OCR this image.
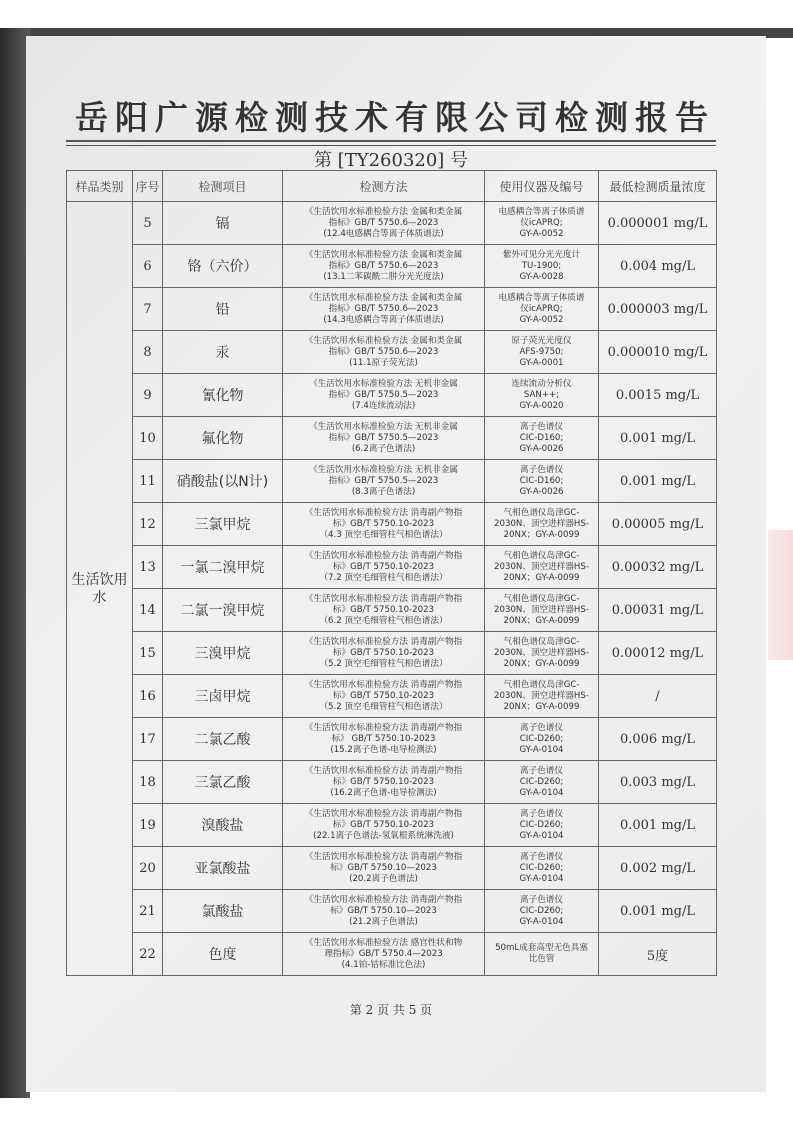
岳阳广源检测技术有限公司检测报告
第 [TY260320] 号
样品类别	序号	检测项目	检测方法	使用仪器及编号	最低检测质量浓度

生活饮用
水	5	镉	《生活饮用水标准检验方法 金属和类金属
指标》GB/T 5750.6—2023
(12.4电感耦合等离子体质谱法)	电感耦合等离子体质谱
仪icAPRQ;
GY-A-0052	0.000001 mg/L
	6	铬（六价）	《生活饮用水标准检验方法 金属和类金属
指标》GB/T 5750.6—2023
(13.1二苯碳酰二肼分光光度法)	紫外可见分光光度计
TU-1900;
GY-A-0028	0.004 mg/L
	7	铅	《生活饮用水标准检验方法 金属和类金属
指标》GB/T 5750.6—2023
(14.3电感耦合等离子体质谱法)	电感耦合等离子体质谱
仪icAPRQ;
GY-A-0052	0.000003 mg/L
	8	汞	《生活饮用水标准检验方法 金属和类金属
指标》GB/T 5750.6—2023
(11.1原子荧光法)	原子荧光光度仪
AFS-9750;
GY-A-0001	0.000010 mg/L
	9	氰化物	《生活饮用水标准检验方法 无机非金属
指标》GB/T 5750.5—2023
(7.4连续流动法)	连续流动分析仪
SAN++;
GY-A-0020	0.0015 mg/L
	10	氟化物	《生活饮用水标准检验方法 无机非金属
指标》GB/T 5750.5—2023
(6.2离子色谱法)	离子色谱仪
CIC-D160;
GY-A-0026	0.001 mg/L
	11	硝酸盐(以N计)	《生活饮用水标准检验方法 无机非金属
指标》GB/T 5750.5—2023
(8.3离子色谱法)	离子色谱仪
CIC-D160;
GY-A-0026	0.001 mg/L
	12	三氯甲烷	《生活饮用水标准检验方法 消毒副产物指
标》GB/T 5750.10-2023
（4.3 顶空毛细管柱气相色谱法）	气相色谱仪岛津GC-
2030N、顶空进样器HS-
20NX；GY-A-0099	0.00005 mg/L
	13	一氯二溴甲烷	《生活饮用水标准检验方法 消毒副产物指
标》GB/T 5750.10-2023
（7.2 顶空毛细管柱气相色谱法）	气相色谱仪岛津GC-
2030N、顶空进样器HS-
20NX；GY-A-0099	0.00032 mg/L
	14	二氯一溴甲烷	《生活饮用水标准检验方法 消毒副产物指
标》GB/T 5750.10-2023
（6.2 顶空毛细管柱气相色谱法）	气相色谱仪岛津GC-
2030N、顶空进样器HS-
20NX；GY-A-0099	0.00031 mg/L
	15	三溴甲烷	《生活饮用水标准检验方法 消毒副产物指
标》GB/T 5750.10-2023
（5.2 顶空毛细管柱气相色谱法）	气相色谱仪岛津GC-
2030N、顶空进样器HS-
20NX；GY-A-0099	0.00012 mg/L
	16	三卤甲烷	《生活饮用水标准检验方法 消毒副产物指
标》GB/T 5750.10-2023
（5.2 顶空毛细管柱气相色谱法）	气相色谱仪岛津GC-
2030N、顶空进样器HS-
20NX；GY-A-0099	/
	17	二氯乙酸	《生活饮用水标准检验方法 消毒副产物指
标》 GB/T 5750.10-2023
(15.2离子色谱-电导检测法)	离子色谱仪
CIC-D260;
GY-A-0104	0.006 mg/L
	18	三氯乙酸	《生活饮用水标准检验方法 消毒副产物指
标》GB/T 5750.10-2023
(16.2离子色谱-电导检测法)	离子色谱仪
CIC-D260;
GY-A-0104	0.003 mg/L
	19	溴酸盐	《生活饮用水标准检验方法 消毒副产物指
标》GB/T 5750.10-2023
(22.1离子色谱法-氢氧根系统淋洗液)	离子色谱仪
CIC-D260;
GY-A-0104	0.001 mg/L
	20	亚氯酸盐	《生活饮用水标准检验方法 消毒副产物指
标》GB/T 5750.10—2023
(20.2离子色谱法)	离子色谱仪
CIC-D260;
GY-A-0104	0.002 mg/L
	21	氯酸盐	《生活饮用水标准检验方法 消毒副产物指
标》GB/T 5750.10—2023
(21.2离子色谱法)	离子色谱仪
CIC-D260;
GY-A-0104	0.001 mg/L
	22	色度	《生活饮用水标准检验方法 感官性状和物
理指标》GB/T 5750.4—2023
(4.1铂-钴标准比色法)	50mL成套高型无色具塞
比色管	5度
第 2 页 共 5 页
